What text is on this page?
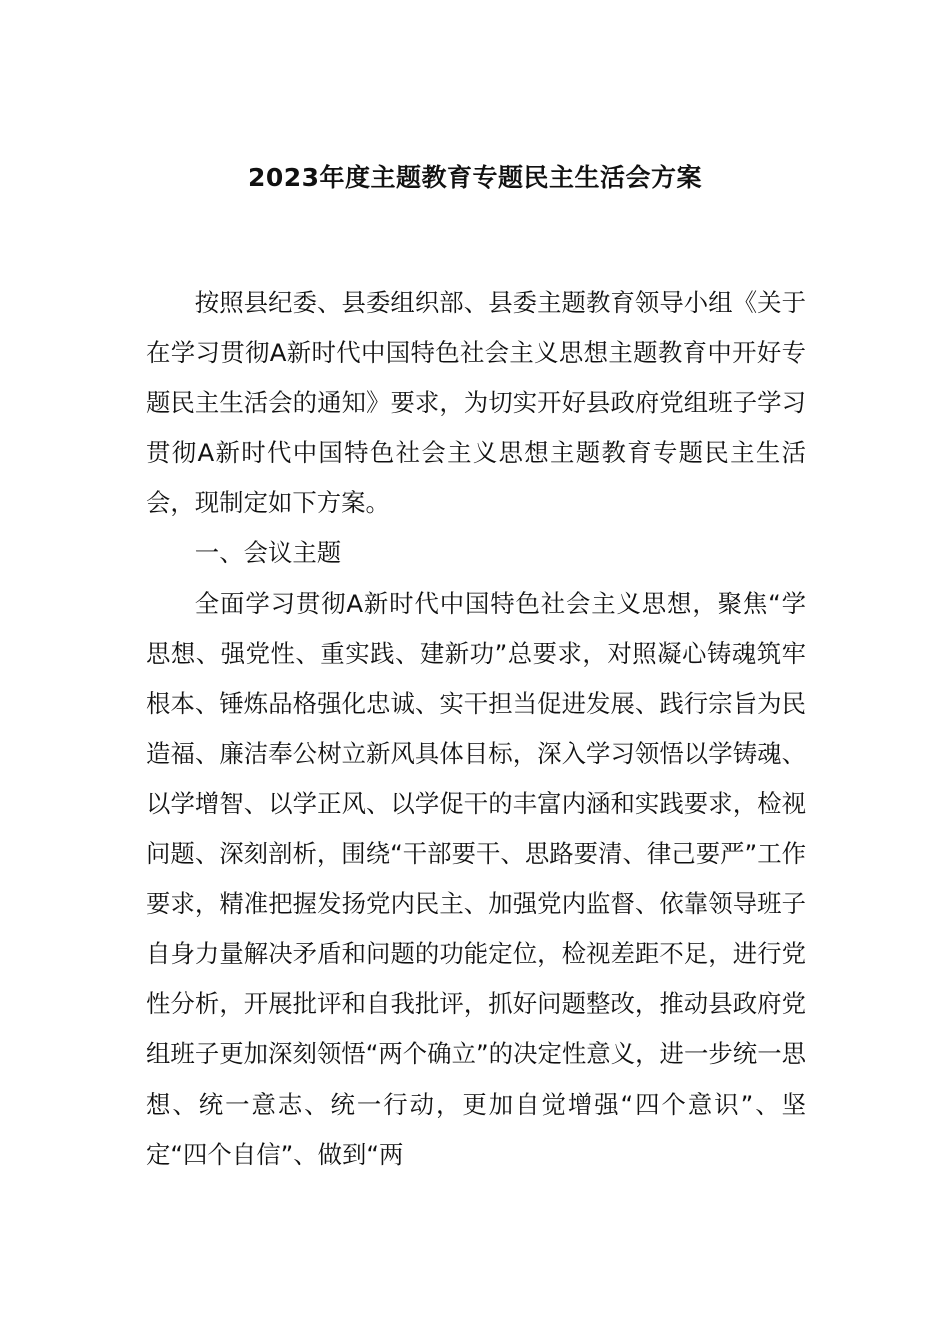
2023年度主题教育专题民主生活会方案

按照县纪委、县委组织部、县委主题教育领导小组《关于在学习贯彻A新时代中国特色社会主义思想主题教育中开好专题民主生活会的通知》要求，为切实开好县政府党组班子学习贯彻A新时代中国特色社会主义思想主题教育专题民主生活会，现制定如下方案。

一、会议主题

全面学习贯彻A新时代中国特色社会主义思想，聚焦“学思想、强党性、重实践、建新功”总要求，对照凝心铸魂筑牢根本、锤炼品格强化忠诚、实干担当促进发展、践行宗旨为民造福、廉洁奉公树立新风具体目标，深入学习领悟以学铸魂、以学增智、以学正风、以学促干的丰富内涵和实践要求，检视问题、深刻剖析，围绕“干部要干、思路要清、律己要严”工作要求，精准把握发扬党内民主、加强党内监督、依靠领导班子自身力量解决矛盾和问题的功能定位，检视差距不足，进行党性分析，开展批评和自我批评，抓好问题整改，推动县政府党组班子更加深刻领悟“两个确立”的决定性意义，进一步统一思想、统一意志、统一行动，更加自觉增强“四个意识”、坚定“四个自信”、做到“两
